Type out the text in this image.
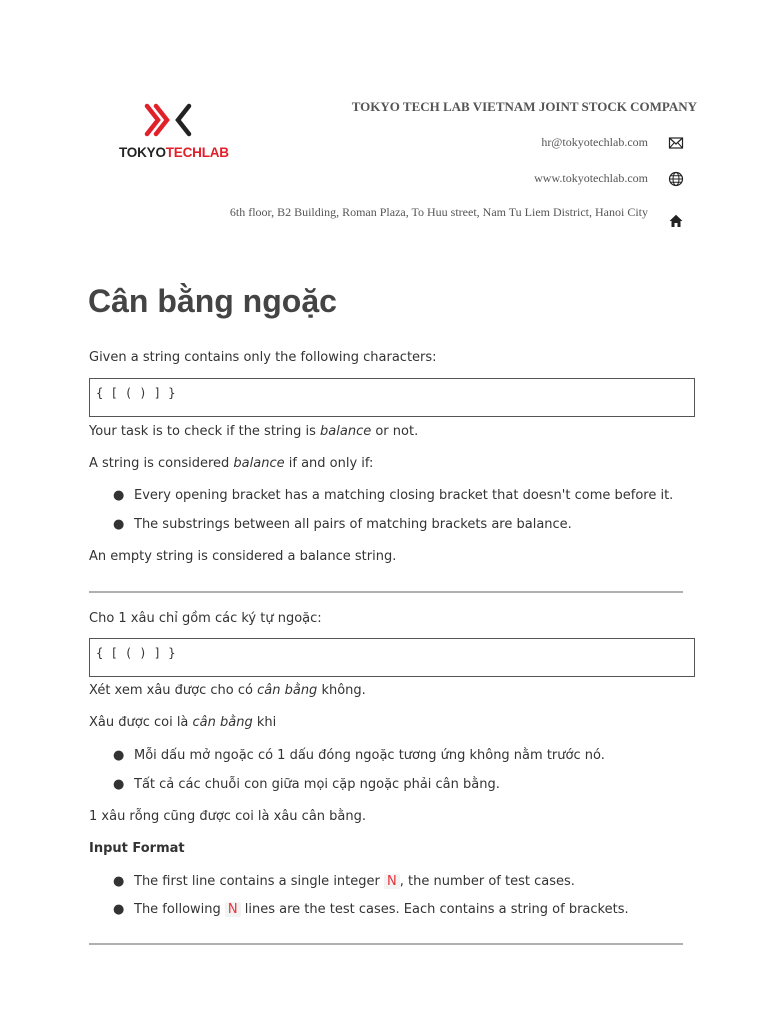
TOKYOTECHLAB
TOKYO TECH LAB VIETNAM JOINT STOCK COMPANY
hr@tokyotechlab.com
www.tokyotechlab.com
6th floor, B2 Building, Roman Plaza, To Huu street, Nam Tu Liem District, Hanoi City
Cân bằng ngoặc

Given a string contains only the following characters:

{ [ ( ) ] }

Your task is to check if the string is balance or not.

A string is considered balance if and only if:

● Every opening bracket has a matching closing bracket that doesn't come before it.
● The substrings between all pairs of matching brackets are balance.

An empty string is considered a balance string.

Cho 1 xâu chỉ gồm các ký tự ngoặc:

{ [ ( ) ] }

Xét xem xâu được cho có cân bằng không.

Xâu được coi là cân bằng khi

● Mỗi dấu mở ngoặc có 1 dấu đóng ngoặc tương ứng không nằm trước nó.
● Tất cả các chuỗi con giữa mọi cặp ngoặc phải cân bằng.

1 xâu rỗng cũng được coi là xâu cân bằng.

Input Format

● The first line contains a single integer N , the number of test cases.
● The following N lines are the test cases. Each contains a string of brackets.
